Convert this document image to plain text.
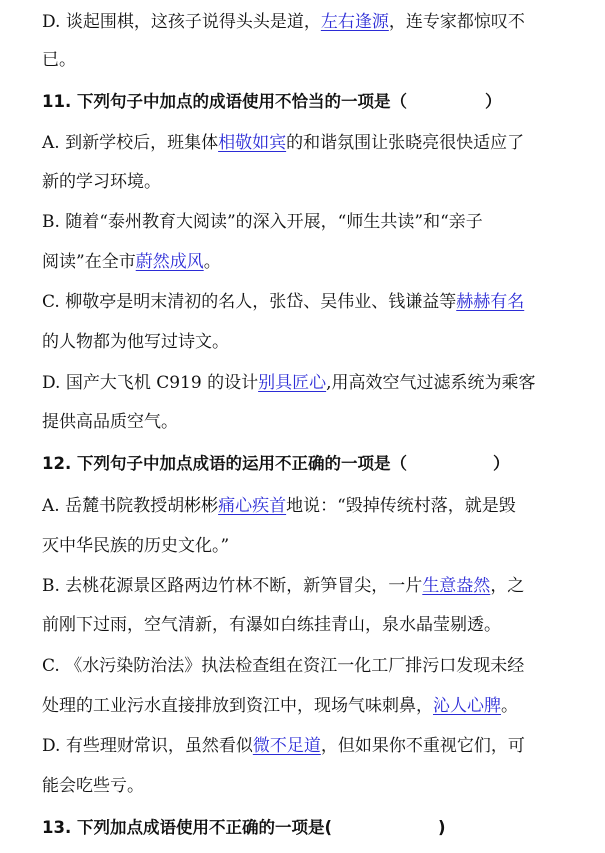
D. 谈起围棋，这孩子说得头头是道，左右逢源，连专家都惊叹不
已。
11. 下列句子中加点的成语使用不恰当的一项是（	）
A. 到新学校后，班集体相敬如宾的和谐氛围让张晓亮很快适应了
新的学习环境。
B. 随着“泰州教育大阅读”的深入开展，“师生共读”和“亲子
阅读”在全市蔚然成风。
C. 柳敬亭是明末清初的名人，张岱、吴伟业、钱谦益等赫赫有名
的人物都为他写过诗文。
D. 国产大飞机 C919 的设计别具匠心,用高效空气过滤系统为乘客
提供高品质空气。
12. 下列句子中加点成语的运用不正确的一项是（	）
A. 岳麓书院教授胡彬彬痛心疾首地说：“毁掉传统村落，就是毁
灭中华民族的历史文化。”
B. 去桃花源景区路两边竹林不断，新笋冒尖，一片生意盎然，之
前刚下过雨，空气清新，有瀑如白练挂青山，泉水晶莹剔透。
C. 《水污染防治法》执法检查组在资江一化工厂排污口发现未经
处理的工业污水直接排放到资江中，现场气味刺鼻，沁人心脾。
D. 有些理财常识，虽然看似微不足道，但如果你不重视它们，可
能会吃些亏。
13. 下列加点成语使用不正确的一项是(	)
